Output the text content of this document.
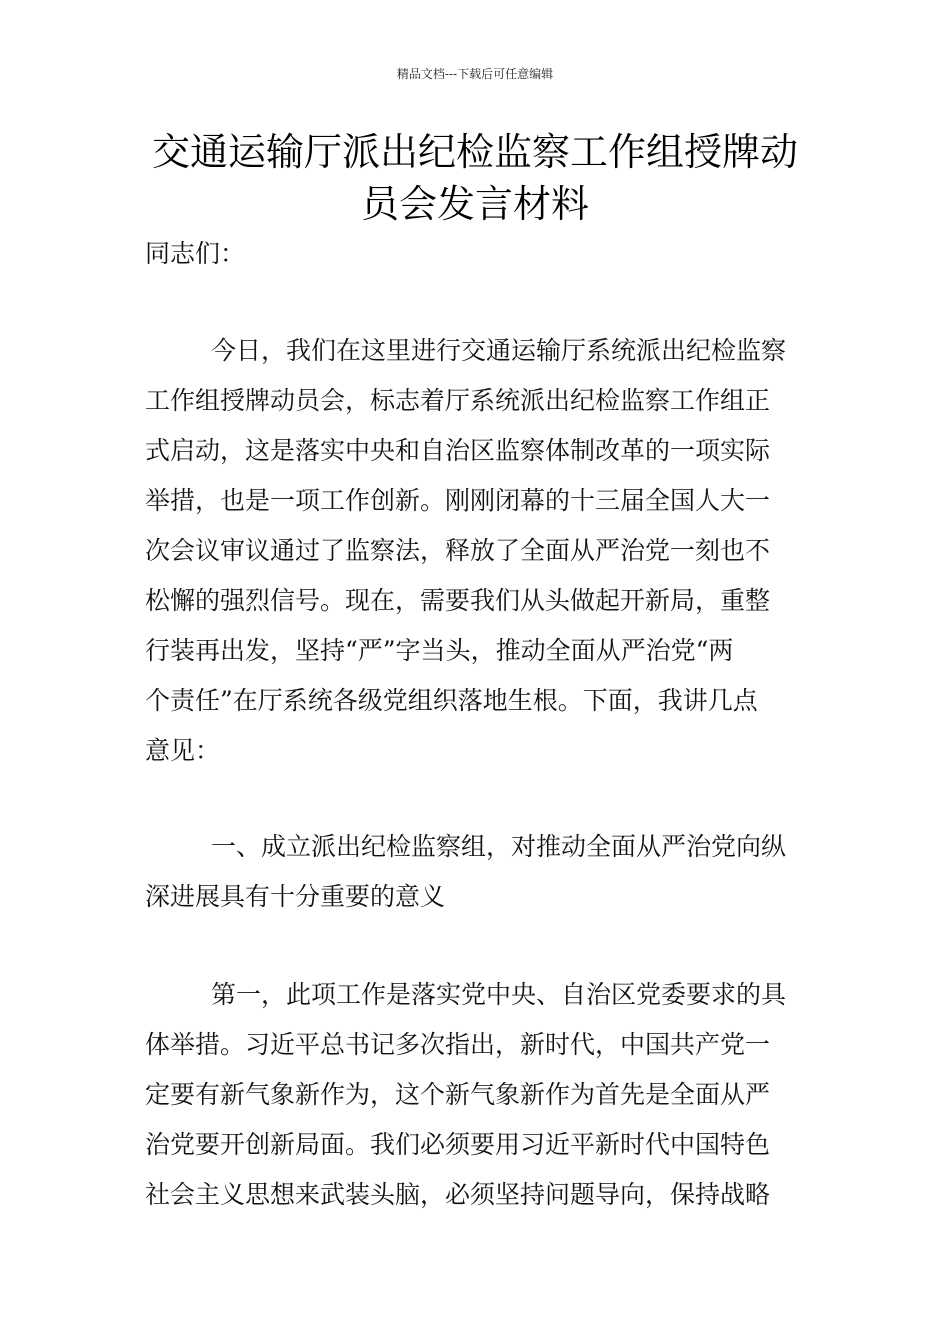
精品文档---下载后可任意编辑
交通运输厅派出纪检监察工作组授牌动
员会发言材料

同志们：

今日，我们在这里进行交通运输厅系统派出纪检监察
工作组授牌动员会，标志着厅系统派出纪检监察工作组正
式启动，这是落实中央和自治区监察体制改革的一项实际
举措，也是一项工作创新。刚刚闭幕的十三届全国人大一
次会议审议通过了监察法，释放了全面从严治党一刻也不
松懈的强烈信号。现在，需要我们从头做起开新局，重整
行装再出发，坚持“严”字当头，推动全面从严治党“两
个责任”在厅系统各级党组织落地生根。下面，我讲几点
意见：

一、成立派出纪检监察组，对推动全面从严治党向纵
深进展具有十分重要的意义

第一，此项工作是落实党中央、自治区党委要求的具
体举措。习近平总书记多次指出，新时代，中国共产党一
定要有新气象新作为，这个新气象新作为首先是全面从严
治党要开创新局面。我们必须要用习近平新时代中国特色
社会主义思想来武装头脑，必须坚持问题导向，保持战略
